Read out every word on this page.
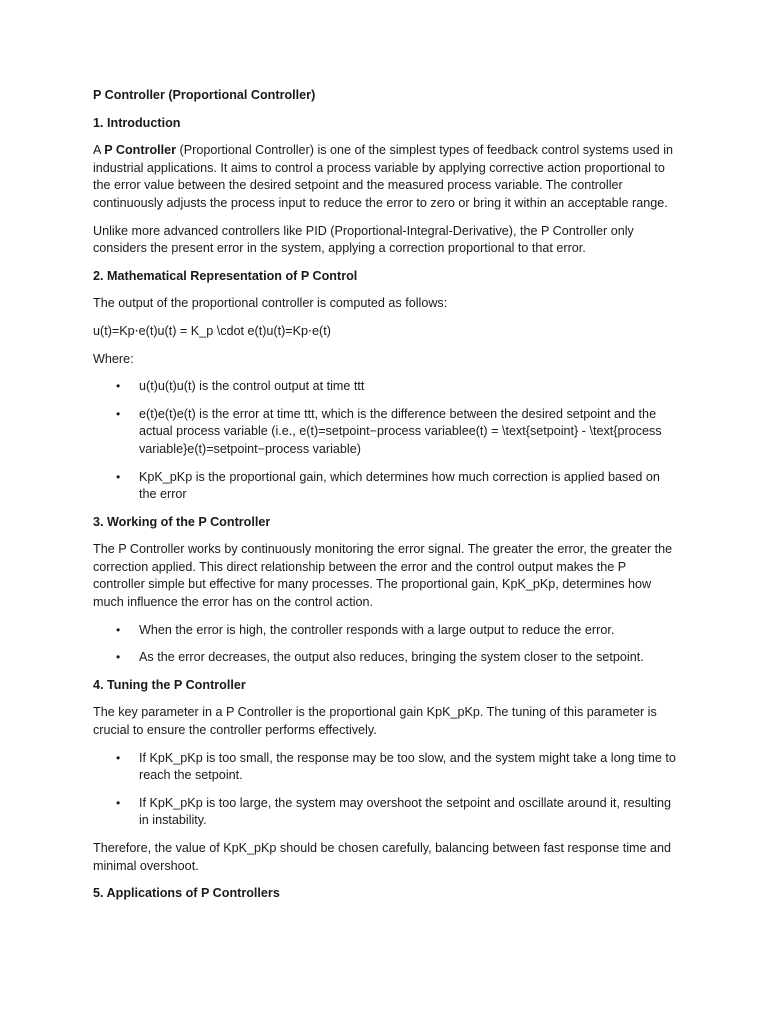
P Controller (Proportional Controller)
1. Introduction

A P Controller (Proportional Controller) is one of the simplest types of feedback control systems used in industrial applications. It aims to control a process variable by applying corrective action proportional to the error value between the desired setpoint and the measured process variable. The controller continuously adjusts the process input to reduce the error to zero or bring it within an acceptable range.

Unlike more advanced controllers like PID (Proportional-Integral-Derivative), the P Controller only considers the present error in the system, applying a correction proportional to that error.

2. Mathematical Representation of P Control

The output of the proportional controller is computed as follows:

u(t)=Kp⋅e(t)u(t) = K_p \cdot e(t)u(t)=Kp⋅e(t)

Where:

• u(t)u(t)u(t) is the control output at time ttt
• e(t)e(t)e(t) is the error at time ttt, which is the difference between the desired setpoint and the actual process variable (i.e., e(t)=setpoint−process variablee(t) = \text{setpoint} - \text{process variable}e(t)=setpoint−process variable)
• KpK_pKp is the proportional gain, which determines how much correction is applied based on the error
3. Working of the P Controller

The P Controller works by continuously monitoring the error signal. The greater the error, the greater the correction applied. This direct relationship between the error and the control output makes the P controller simple but effective for many processes. The proportional gain, KpK_pKp, determines how much influence the error has on the control action.

• When the error is high, the controller responds with a large output to reduce the error.
• As the error decreases, the output also reduces, bringing the system closer to the setpoint.
4. Tuning the P Controller

The key parameter in a P Controller is the proportional gain KpK_pKp. The tuning of this parameter is crucial to ensure the controller performs effectively.

• If KpK_pKp is too small, the response may be too slow, and the system might take a long time to reach the setpoint.
• If KpK_pKp is too large, the system may overshoot the setpoint and oscillate around it, resulting in instability.

Therefore, the value of KpK_pKp should be chosen carefully, balancing between fast response time and minimal overshoot.

5. Applications of P Controllers
